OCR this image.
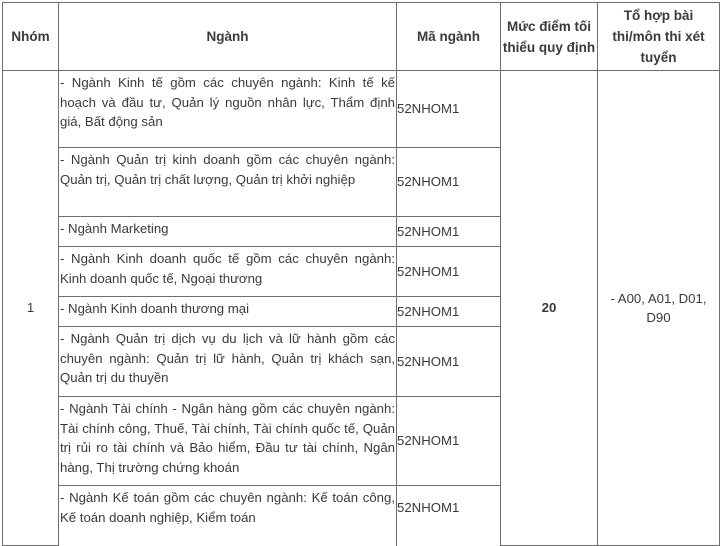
Nhóm	Ngành	Mã ngành	Mức điểm tối thiểu quy định	Tổ hợp bài thi/môn thi xét tuyển
1	- Ngành Kinh tế gồm các chuyên ngành: Kinh tế kế hoạch và đầu tư, Quản lý nguồn nhân lực, Thẩm định giá, Bất động sản	52NHOM1	20	- A00, A01, D01, D90

	- Ngành Quản trị kinh doanh gồm các chuyên ngành: Quản trị, Quản trị chất lượng, Quản trị khởi nghiệp	52NHOM1		

	- Ngành Marketing	52NHOM1		

	- Ngành Kinh doanh quốc tế gồm các chuyên ngành: Kinh doanh quốc tế, Ngoại thương	52NHOM1		

	- Ngành Kinh doanh thương mại	52NHOM1		

	- Ngành Quản trị dịch vụ du lịch và lữ hành gồm các chuyên ngành: Quản trị lữ hành, Quản trị khách sạn, Quản trị du thuyền	52NHOM1		

	- Ngành Tài chính - Ngân hàng gồm các chuyên ngành: Tài chính công, Thuế, Tài chính, Tài chính quốc tế, Quản trị rủi ro tài chính và Bảo hiểm, Đầu tư tài chính, Ngân hàng, Thị trường chứng khoán	52NHOM1		

	- Ngành Kế toán gồm các chuyên ngành: Kế toán công, Kế toán doanh nghiệp, Kiểm toán	52NHOM1		
